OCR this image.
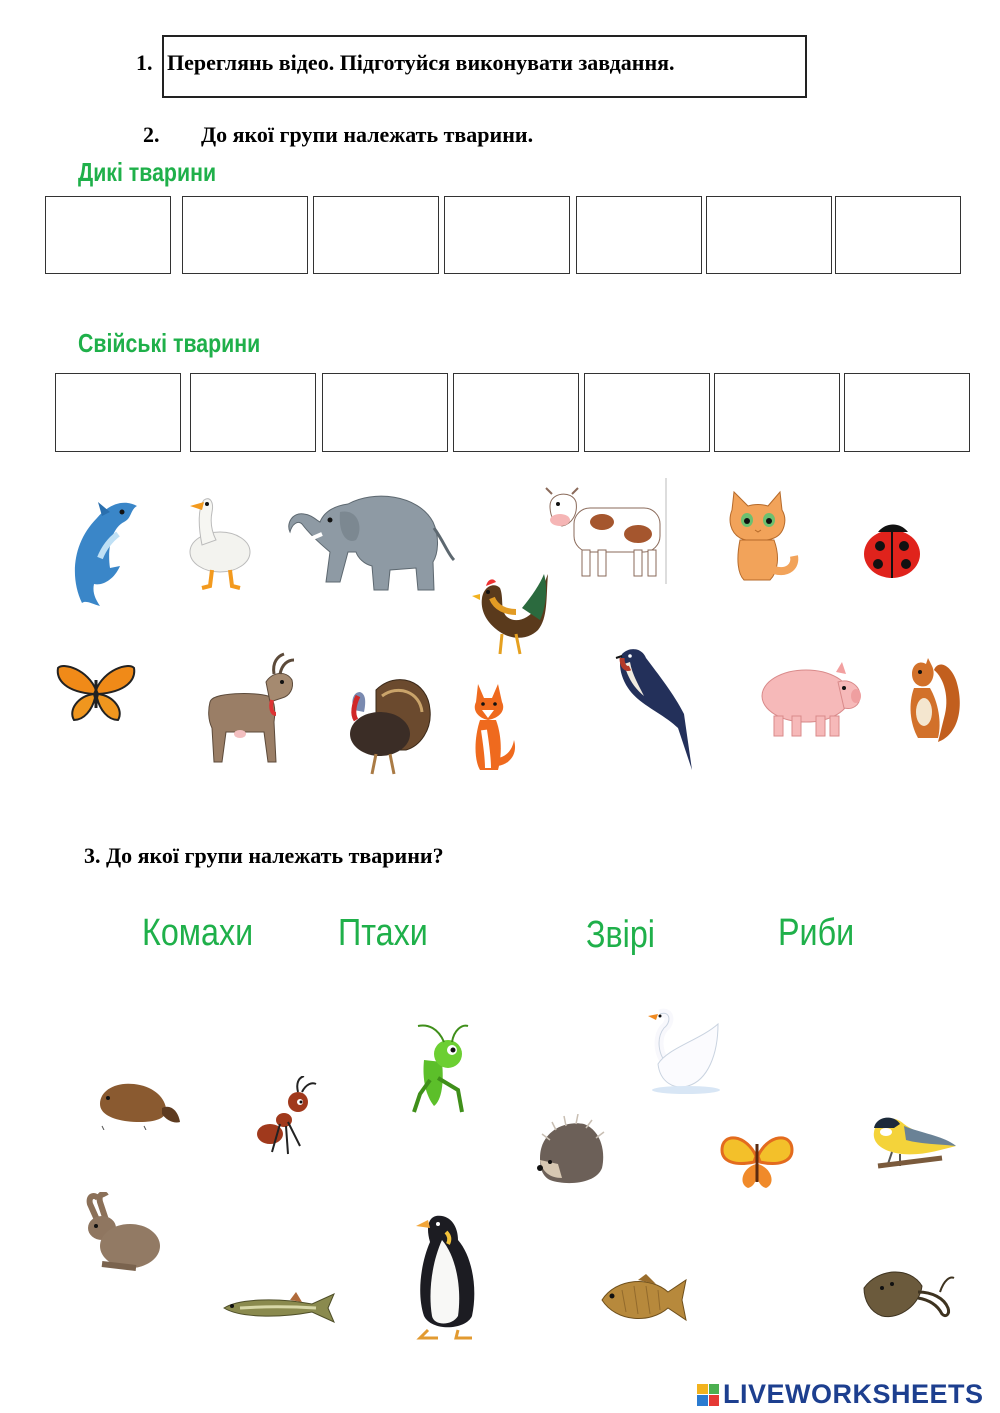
1. Переглянь відео. Підготуйся виконувати завдання.
2. До якої групи належать тварини.
Дикі тварини
Свійські тварини
3. До якої групи належать тварини?
Комахи Птахи	Звірі	Риби
LIVEWORKSHEETS
